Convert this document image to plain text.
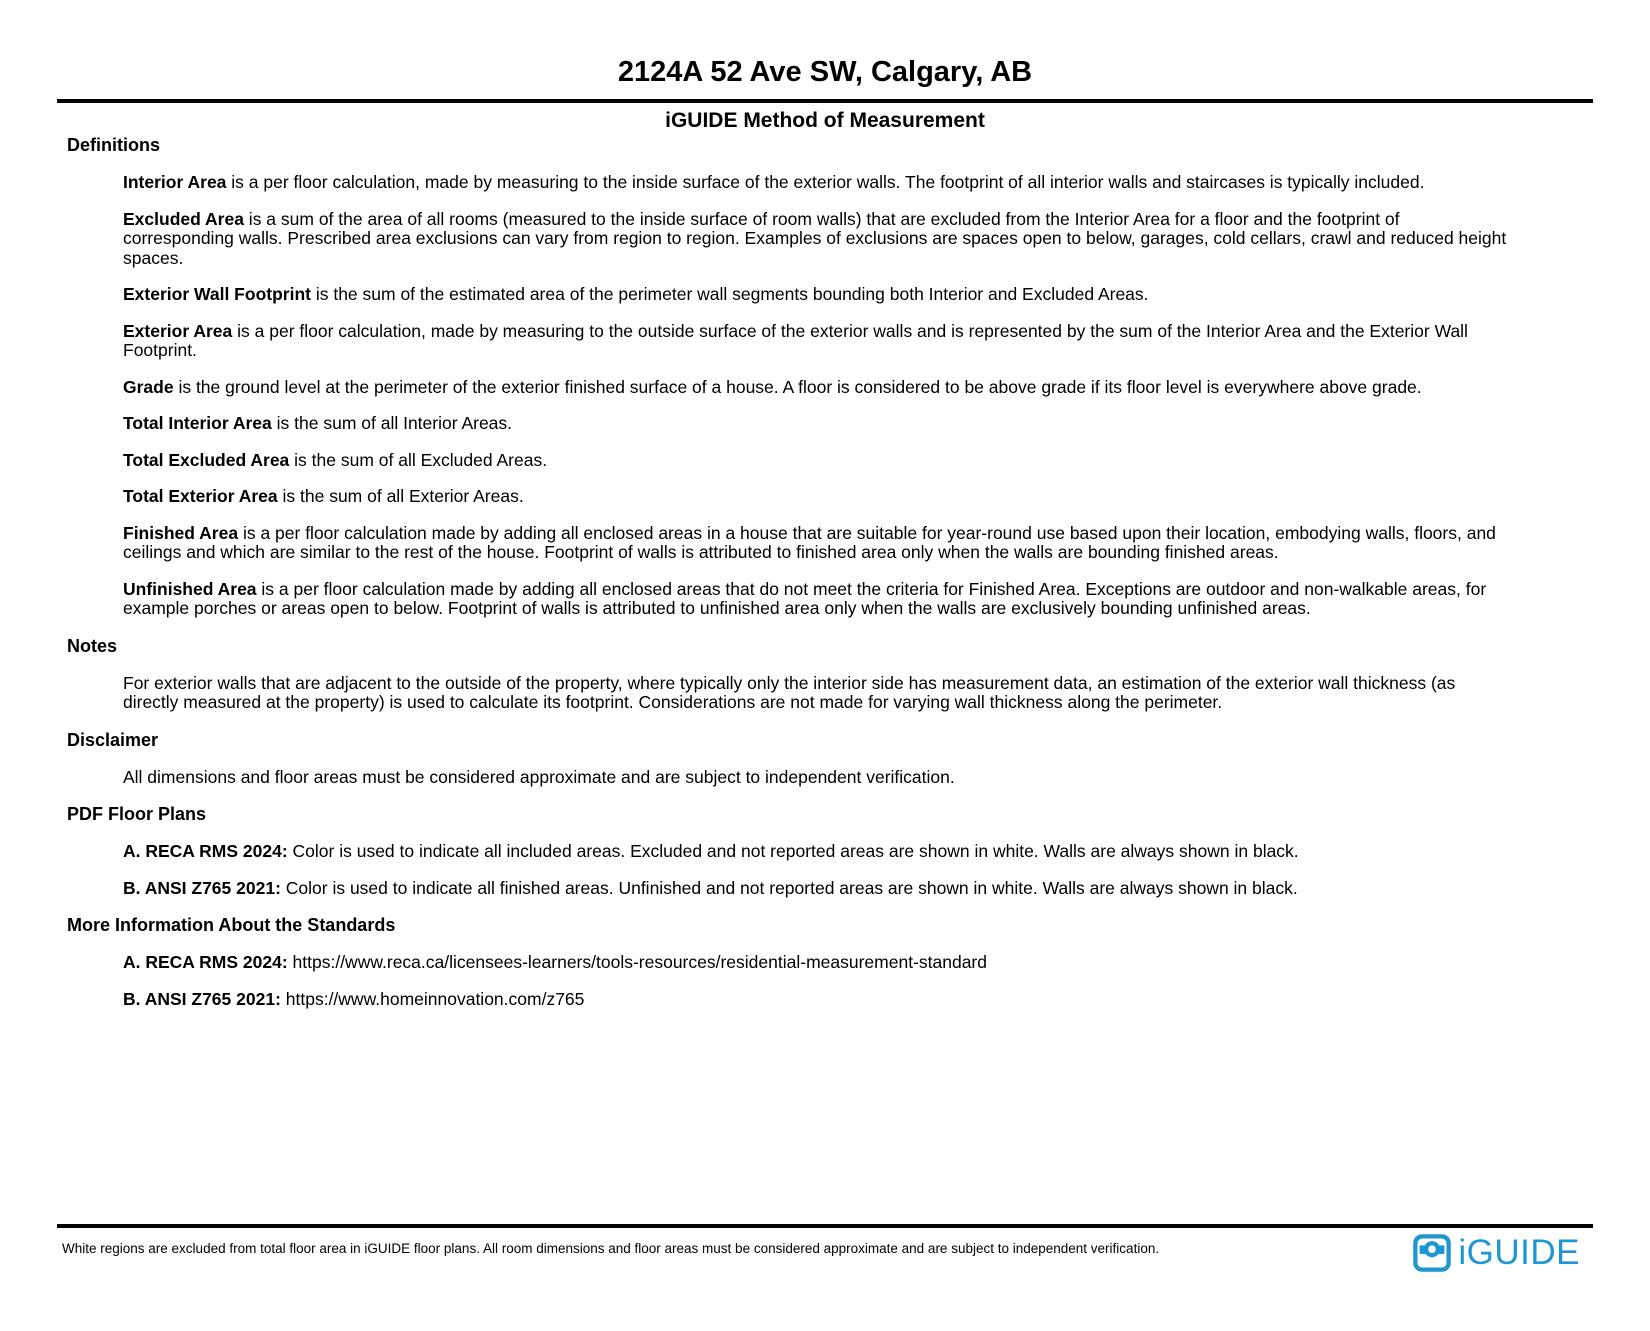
2124A 52 Ave SW, Calgary, AB
iGUIDE Method of Measurement
Definitions

Interior Area is a per floor calculation, made by measuring to the inside surface of the exterior walls. The footprint of all interior walls and staircases is typically included.

Excluded Area is a sum of the area of all rooms (measured to the inside surface of room walls) that are excluded from the Interior Area for a floor and the footprint of corresponding walls. Prescribed area exclusions can vary from region to region. Examples of exclusions are spaces open to below, garages, cold cellars, crawl and reduced height spaces.

Exterior Wall Footprint is the sum of the estimated area of the perimeter wall segments bounding both Interior and Excluded Areas.

Exterior Area is a per floor calculation, made by measuring to the outside surface of the exterior walls and is represented by the sum of the Interior Area and the Exterior Wall Footprint.

Grade is the ground level at the perimeter of the exterior finished surface of a house. A floor is considered to be above grade if its floor level is everywhere above grade.

Total Interior Area is the sum of all Interior Areas.

Total Excluded Area is the sum of all Excluded Areas.

Total Exterior Area is the sum of all Exterior Areas.

Finished Area is a per floor calculation made by adding all enclosed areas in a house that are suitable for year-round use based upon their location, embodying walls, floors, and ceilings and which are similar to the rest of the house. Footprint of walls is attributed to finished area only when the walls are bounding finished areas.

Unfinished Area is a per floor calculation made by adding all enclosed areas that do not meet the criteria for Finished Area. Exceptions are outdoor and non-walkable areas, for example porches or areas open to below. Footprint of walls is attributed to unfinished area only when the walls are exclusively bounding unfinished areas.

Notes

For exterior walls that are adjacent to the outside of the property, where typically only the interior side has measurement data, an estimation of the exterior wall thickness (as directly measured at the property) is used to calculate its footprint. Considerations are not made for varying wall thickness along the perimeter.

Disclaimer

All dimensions and floor areas must be considered approximate and are subject to independent verification.

PDF Floor Plans

A. RECA RMS 2024: Color is used to indicate all included areas. Excluded and not reported areas are shown in white. Walls are always shown in black.

B. ANSI Z765 2021: Color is used to indicate all finished areas. Unfinished and not reported areas are shown in white. Walls are always shown in black.

More Information About the Standards

A. RECA RMS 2024: https://www.reca.ca/licensees-learners/tools-resources/residential-measurement-standard

B. ANSI Z765 2021: https://www.homeinnovation.com/z765

White regions are excluded from total floor area in iGUIDE floor plans. All room dimensions and floor areas must be considered approximate and are subject to independent verification.	iGUIDE
